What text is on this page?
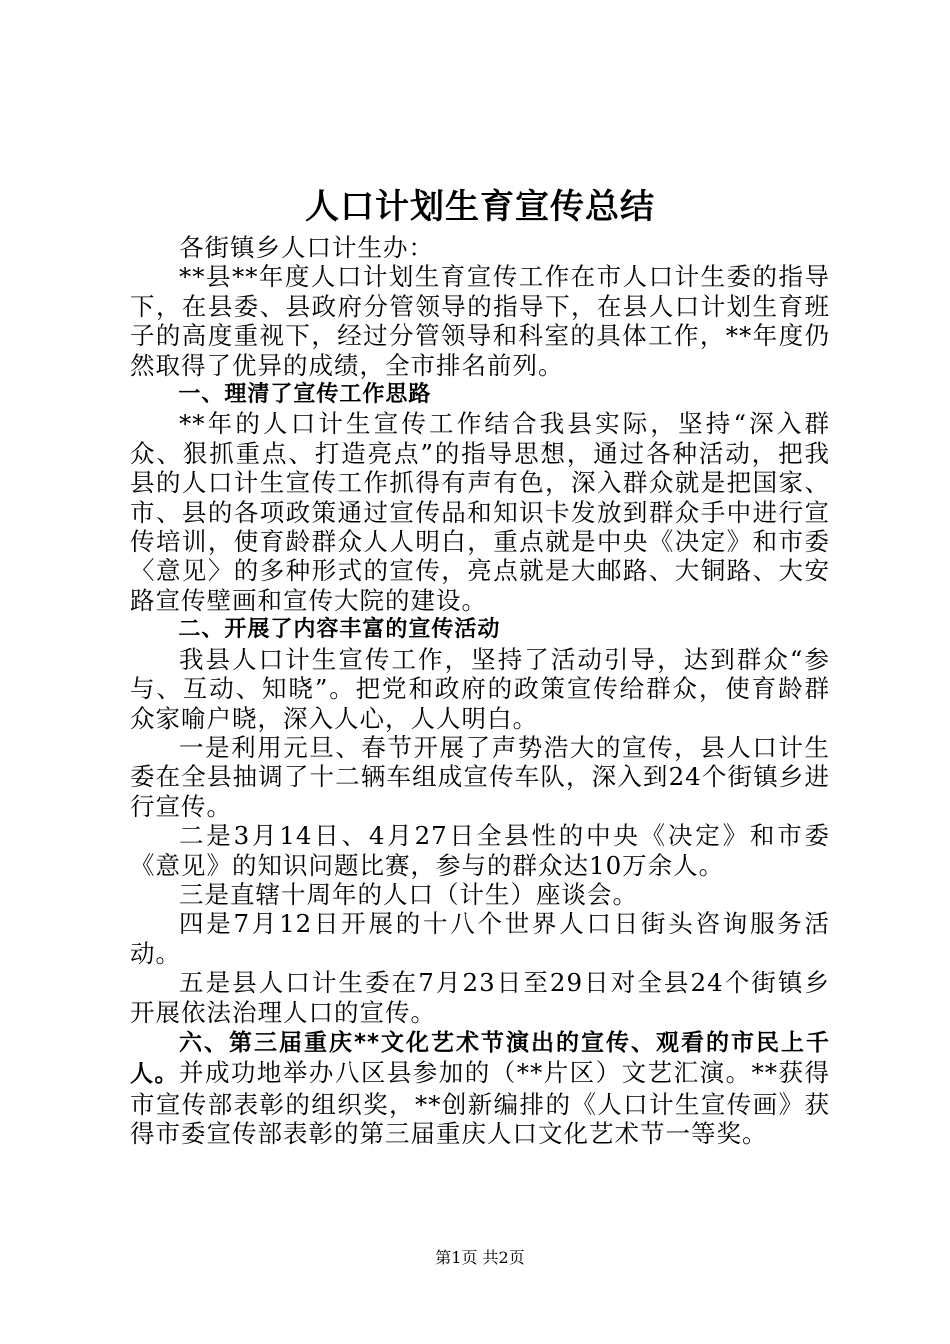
人口计划生育宣传总结

各街镇乡人口计生办：

**县**年度人口计划生育宣传工作在市人口计生委的指导下，在县委、县政府分管领导的指导下，在县人口计划生育班子的高度重视下，经过分管领导和科室的具体工作，**年度仍然取得了优异的成绩，全市排名前列。

一、理清了宣传工作思路

**年的人口计生宣传工作结合我县实际，坚持“深入群众、狠抓重点、打造亮点”的指导思想，通过各种活动，把我县的人口计生宣传工作抓得有声有色，深入群众就是把国家、市、县的各项政策通过宣传品和知识卡发放到群众手中进行宣传培训，使育龄群众人人明白，重点就是中央《决定》和市委〈意见〉的多种形式的宣传，亮点就是大邮路、大铜路、大安路宣传壁画和宣传大院的建设。

二、开展了内容丰富的宣传活动

我县人口计生宣传工作，坚持了活动引导，达到群众“参与、互动、知晓”。把党和政府的政策宣传给群众，使育龄群众家喻户晓，深入人心，人人明白。

一是利用元旦、春节开展了声势浩大的宣传，县人口计生委在全县抽调了十二辆车组成宣传车队，深入到24个街镇乡进行宣传。

二是3月14日、4月27日全县性的中央《决定》和市委《意见》的知识问题比赛，参与的群众达10万余人。

三是直辖十周年的人口（计生）座谈会。

四是7月12日开展的十八个世界人口日街头咨询服务活动。

五是县人口计生委在7月23日至29日对全县24个街镇乡开展依法治理人口的宣传。

六、第三届重庆**文化艺术节演出的宣传、观看的市民上千人。并成功地举办八区县参加的（**片区）文艺汇演。**获得市宣传部表彰的组织奖，**创新编排的《人口计生宣传画》获得市委宣传部表彰的第三届重庆人口文化艺术节一等奖。

第1页 共2页
